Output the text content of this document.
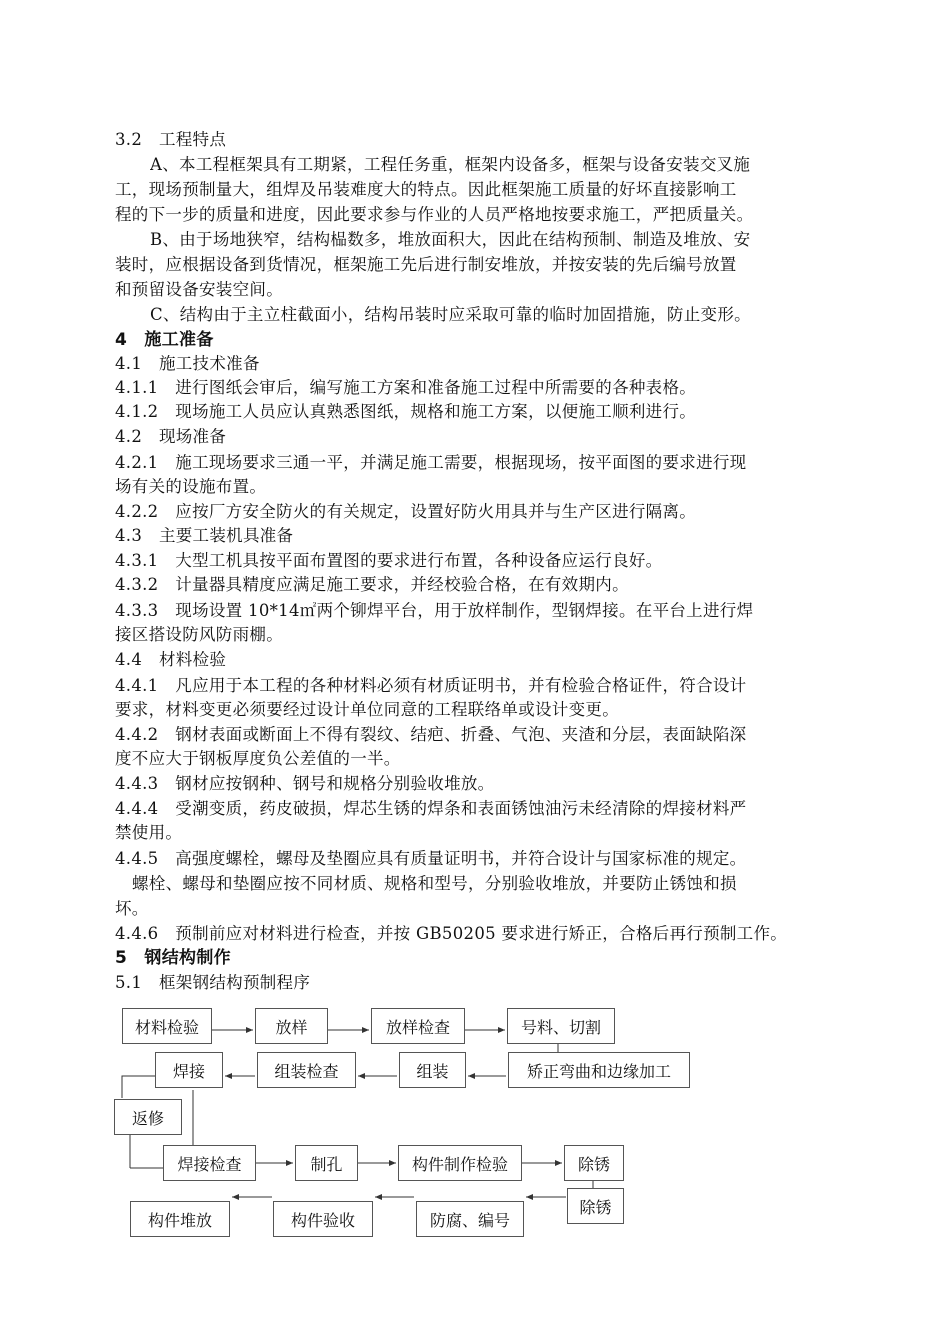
3.2　工程特点
A、本工程框架具有工期紧，工程任务重，框架内设备多，框架与设备安装交叉施
工，现场预制量大，组焊及吊装难度大的特点。因此框架施工质量的好坏直接影响工
程的下一步的质量和进度，因此要求参与作业的人员严格地按要求施工，严把质量关。
B、由于场地狭窄，结构榀数多，堆放面积大，因此在结构预制、制造及堆放、安
装时，应根据设备到货情况，框架施工先后进行制安堆放，并按安装的先后编号放置
和预留设备安装空间。
C、结构由于主立柱截面小，结构吊装时应采取可靠的临时加固措施，防止变形。
4　施工准备
4.1　施工技术准备
4.1.1　进行图纸会审后，编写施工方案和准备施工过程中所需要的各种表格。
4.1.2　现场施工人员应认真熟悉图纸，规格和施工方案，以便施工顺利进行。
4.2　现场准备
4.2.1　施工现场要求三通一平，并满足施工需要，根据现场，按平面图的要求进行现
场有关的设施布置。
4.2.2　应按厂方安全防火的有关规定，设置好防火用具并与生产区进行隔离。
4.3　主要工装机具准备
4.3.1　大型工机具按平面布置图的要求进行布置，各种设备应运行良好。
4.3.2　计量器具精度应满足施工要求，并经校验合格，在有效期内。
4.3.3　现场设置 10*14㎡两个铆焊平台，用于放样制作，型钢焊接。在平台上进行焊
接区搭设防风防雨棚。
4.4　材料检验
4.4.1　凡应用于本工程的各种材料必须有材质证明书，并有检验合格证件，符合设计
要求，材料变更必须要经过设计单位同意的工程联络单或设计变更。
4.4.2　钢材表面或断面上不得有裂纹、结疤、折叠、气泡、夹渣和分层，表面缺陷深
度不应大于钢板厚度负公差值的一半。
4.4.3　钢材应按钢种、钢号和规格分别验收堆放。
4.4.4　受潮变质，药皮破损，焊芯生锈的焊条和表面锈蚀油污未经清除的焊接材料严
禁使用。
4.4.5　高强度螺栓，螺母及垫圈应具有质量证明书，并符合设计与国家标准的规定。
螺栓、螺母和垫圈应按不同材质、规格和型号，分别验收堆放，并要防止锈蚀和损
坏。
4.4.6　预制前应对材料进行检查，并按 GB50205 要求进行矫正，合格后再行预制工作。
5　钢结构制作
5.1　框架钢结构预制程序
材料检验	放样	放样检查	号料、切割
焊接	组装检查	组装	矫正弯曲和边缘加工
返修
焊接检查	制孔	构件制作检验	除锈
构件堆放	构件验收	防腐、编号
除锈
